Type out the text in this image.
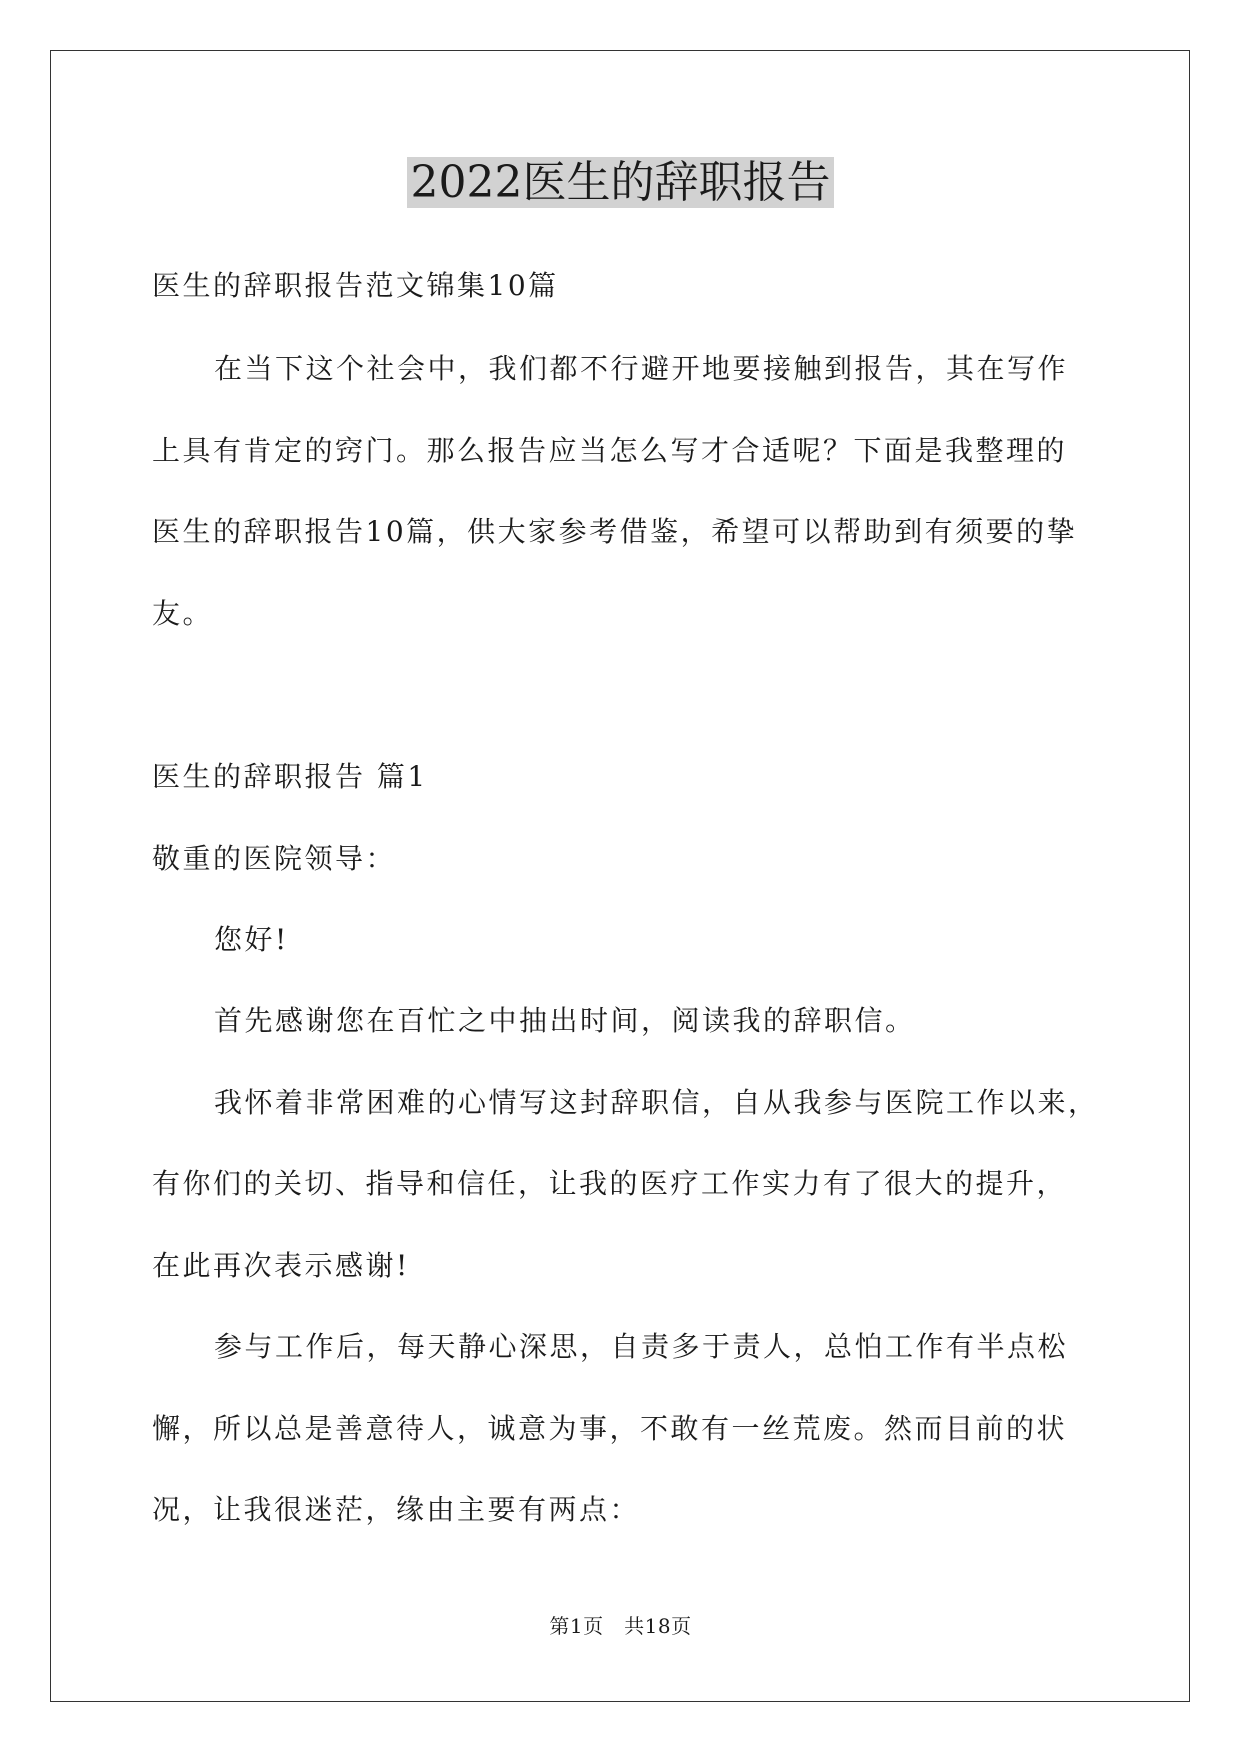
2022医生的辞职报告
医生的辞职报告范文锦集10篇
在当下这个社会中，我们都不行避开地要接触到报告，其在写作
上具有肯定的窍门。那么报告应当怎么写才合适呢？下面是我整理的
医生的辞职报告10篇，供大家参考借鉴，希望可以帮助到有须要的挚
友。
医生的辞职报告 篇1
敬重的医院领导：
您好!
首先感谢您在百忙之中抽出时间，阅读我的辞职信。
我怀着非常困难的心情写这封辞职信，自从我参与医院工作以来，
有你们的关切、指导和信任，让我的医疗工作实力有了很大的提升，
在此再次表示感谢!
参与工作后，每天静心深思，自责多于责人，总怕工作有半点松
懈，所以总是善意待人，诚意为事，不敢有一丝荒废。然而目前的状
况，让我很迷茫，缘由主要有两点：
第1页　共18页
